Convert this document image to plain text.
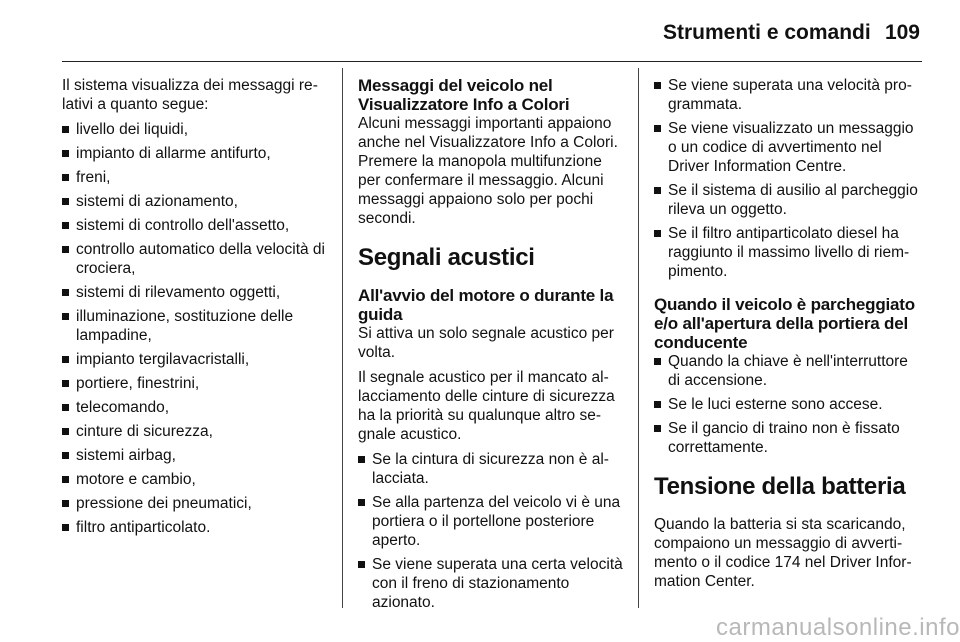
Strumenti e comandi 109

Il sistema visualizza dei messaggi relativi a quanto segue:

livello dei liquidi,
impianto di allarme antifurto,
freni,
sistemi di azionamento,
sistemi di controllo dell'assetto,
controllo automatico della velocità di crociera,
sistemi di rilevamento oggetti,
illuminazione, sostituzione delle lampadine,
impianto tergilavacristalli,
portiere, finestrini,
telecomando,
cinture di sicurezza,
sistemi airbag,
motore e cambio,
pressione dei pneumatici,
filtro antiparticolato.
Messaggi del veicolo nel Visualizzatore Info a Colori

Alcuni messaggi importanti appaiono anche nel Visualizzatore Info a Colori. Premere la manopola multifunzione per confermare il messaggio. Alcuni messaggi appaiono solo per pochi secondi.

Segnali acustici
All'avvio del motore o durante la guida

Si attiva un solo segnale acustico per volta.

Il segnale acustico per il mancato allacciamento delle cinture di sicurezza ha la priorità su qualunque altro segnale acustico.

Se la cintura di sicurezza non è allacciata.
Se alla partenza del veicolo vi è una portiera o il portellone posteriore aperto.
Se viene superata una certa velocità con il freno di stazionamento azionato.
Se viene superata una velocità programmata.
Se viene visualizzato un messaggio o un codice di avvertimento nel Driver Information Centre.
Se il sistema di ausilio al parcheggio rileva un oggetto.
Se il filtro antiparticolato diesel ha raggiunto il massimo livello di riempimento.
Quando il veicolo è parcheggiato e/o all'apertura della portiera del conducente
Quando la chiave è nell'interruttore di accensione.
Se le luci esterne sono accese.
Se il gancio di traino non è fissato correttamente.
Tensione della batteria

Quando la batteria si sta scaricando, compaiono un messaggio di avvertimento o il codice 174 nel Driver Information Center.

carmanualsonline.info
